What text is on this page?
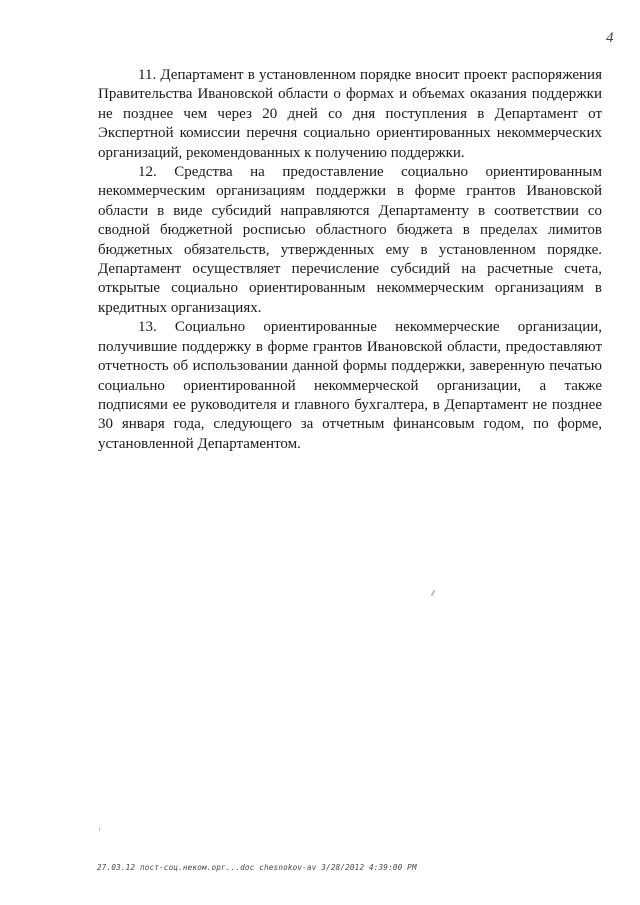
4

11. Департамент в установленном порядке вносит проект распоряжения Правительства Ивановской области о формах и объемах оказания поддержки не позднее чем через 20 дней со дня поступления в Департамент от Экспертной комиссии перечня социально ориентированных некоммерческих организаций, рекомендованных к получению поддержки.

12. Средства на предоставление социально ориентированным некоммерческим организациям поддержки в форме грантов Ивановской области в виде субсидий направляются Департаменту в соответствии со сводной бюджетной росписью областного бюджета в пределах лимитов бюджетных обязательств, утвержденных ему в установленном порядке. Департамент осуществляет перечисление субсидий на расчетные счета, открытые социально ориентированным некоммерческим организациям в кредитных организациях.

13. Социально ориентированные некоммерческие организации, получившие поддержку в форме грантов Ивановской области, предоставляют отчетность об использовании данной формы поддержки, заверенную печатью социально ориентированной некоммерческой организации, а также подписями ее руководителя и главного бухгалтера, в Департамент не позднее 30 января года, следующего за отчетным финансовым годом, по форме, установленной Департаментом.

27.03.12 пост-соц.неком.орг...doc chesnokov-av 3/28/2012 4:39:00 PM
